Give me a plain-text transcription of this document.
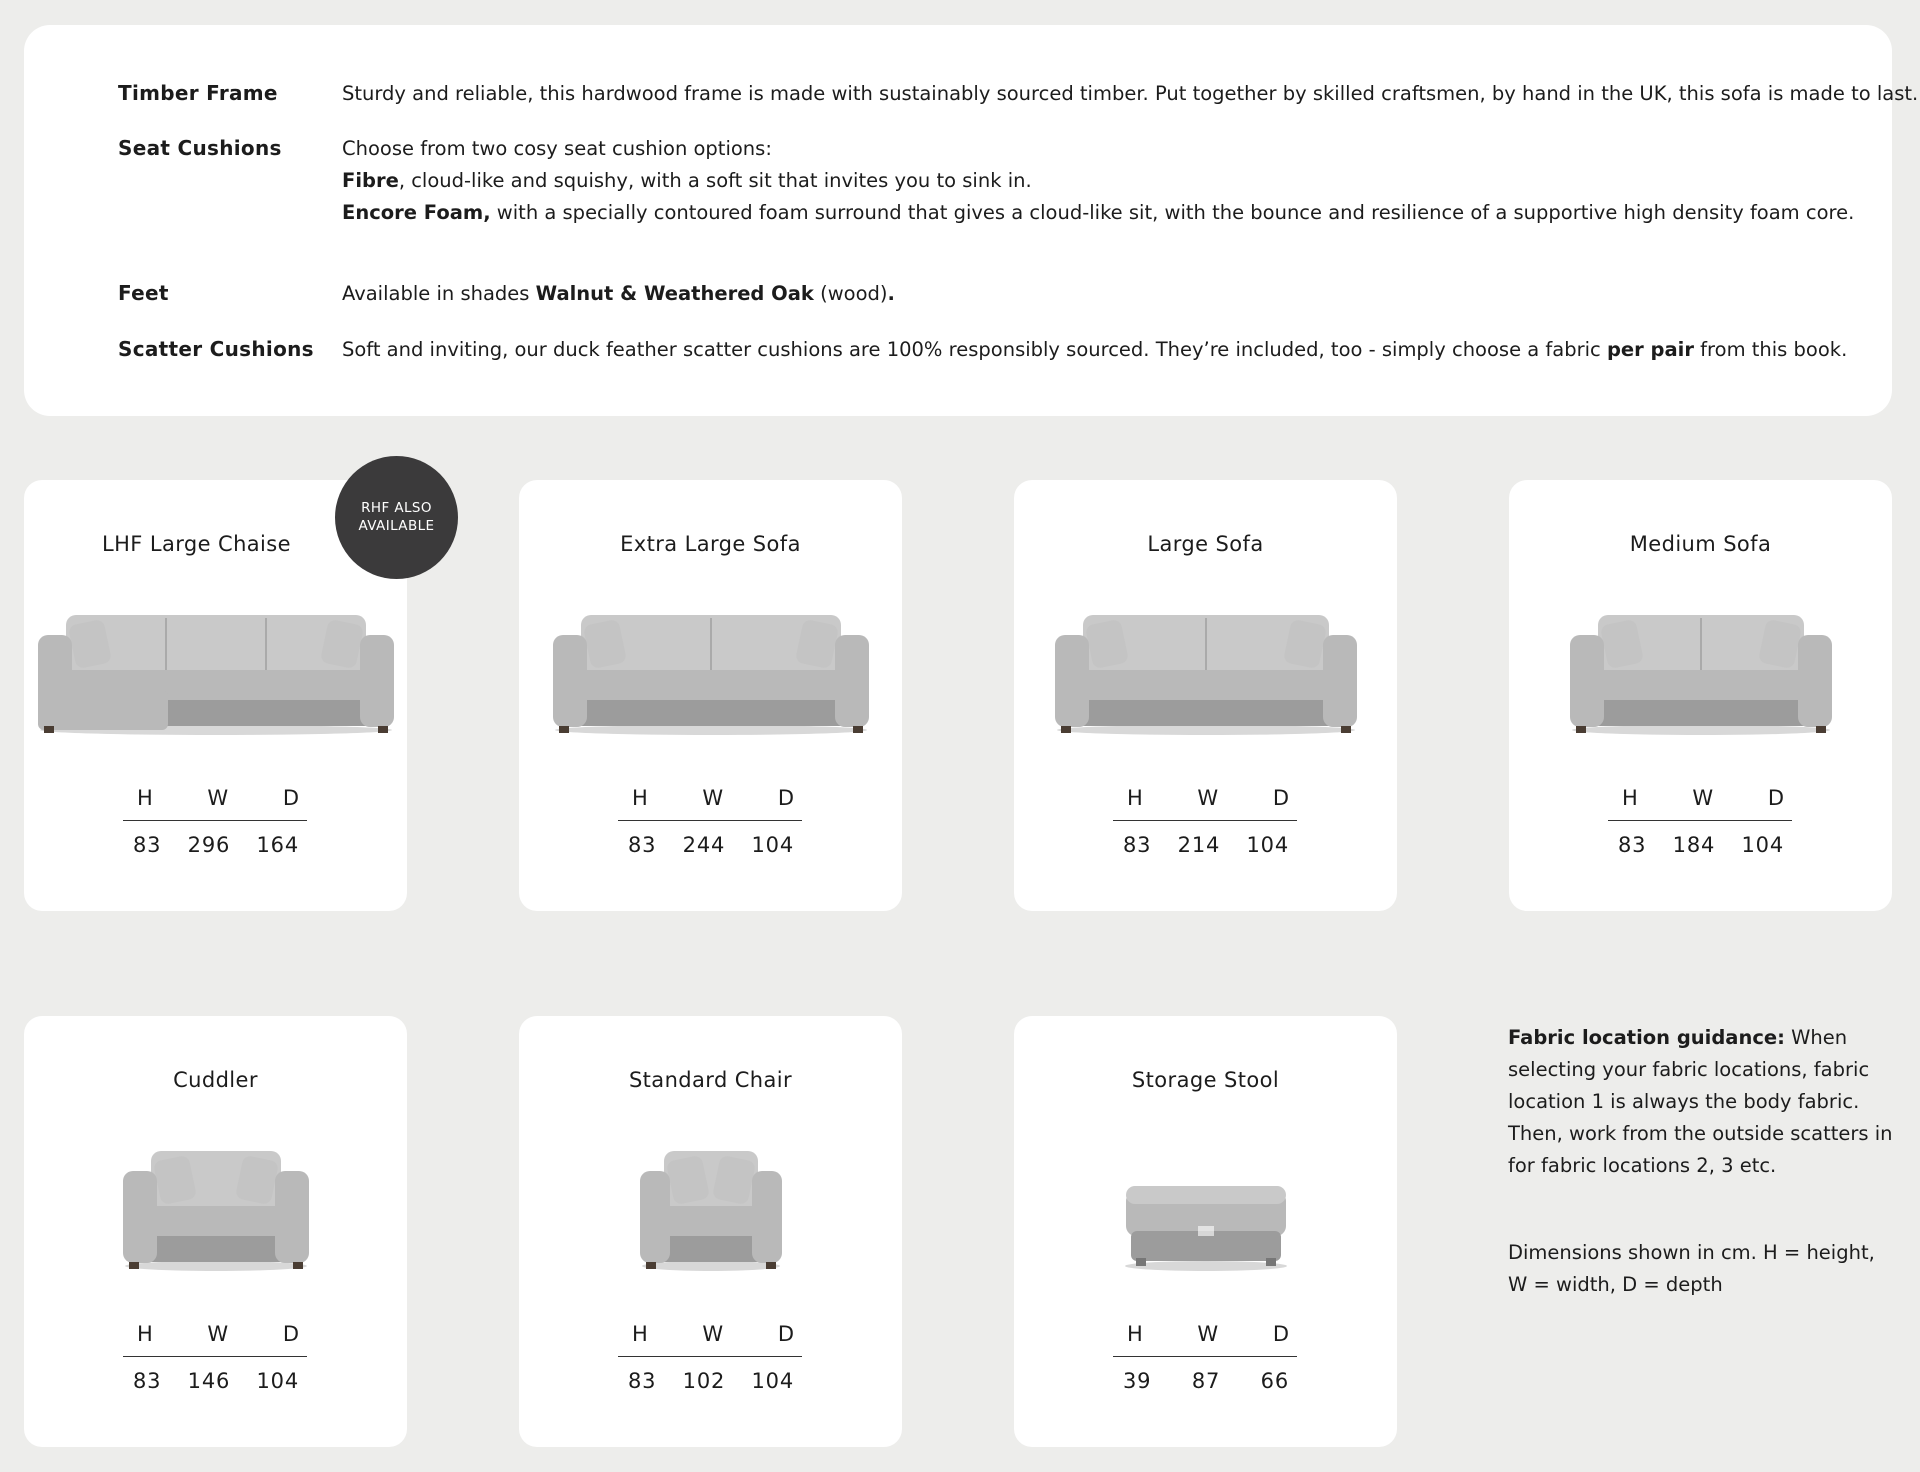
Timber Frame	Sturdy and reliable, this hardwood frame is made with sustainably sourced timber. Put together by skilled craftsmen, by hand in the UK, this sofa is made to last.

Seat Cushions	Choose from two cosy seat cushion options:

Fibre, cloud-like and squishy, with a soft sit that invites you to sink in.

Encore Foam, with a specially contoured foam surround that gives a cloud-like sit, with the bounce and resilience of a supportive high density foam core.

Feet	Available in shades Walnut & Weathered Oak (wood).

Scatter Cushions Soft and inviting, our duck feather scatter cushions are 100% responsibly sourced. They’re included, too - simply choose a fabric per pair from this book.

LHF Large Chaise
H	W	D
83 296 164
Extra Large Sofa
H	W	D
83 244 104
Large Sofa
H	W	D
83 214 104
Medium Sofa
H	W	D
83 184 104
Cuddler
H	W	D
83 146 104
Standard Chair
H	W	D
83 102 104
Storage Stool
H	W	D
39 87 66
RHF ALSO
AVAILABLE

Fabric location guidance: When selecting your fabric locations, fabric location 1 is always the body fabric. Then, work from the outside scatters in for fabric locations 2, 3 etc.

Dimensions shown in cm. H = height, W = width, D = depth
